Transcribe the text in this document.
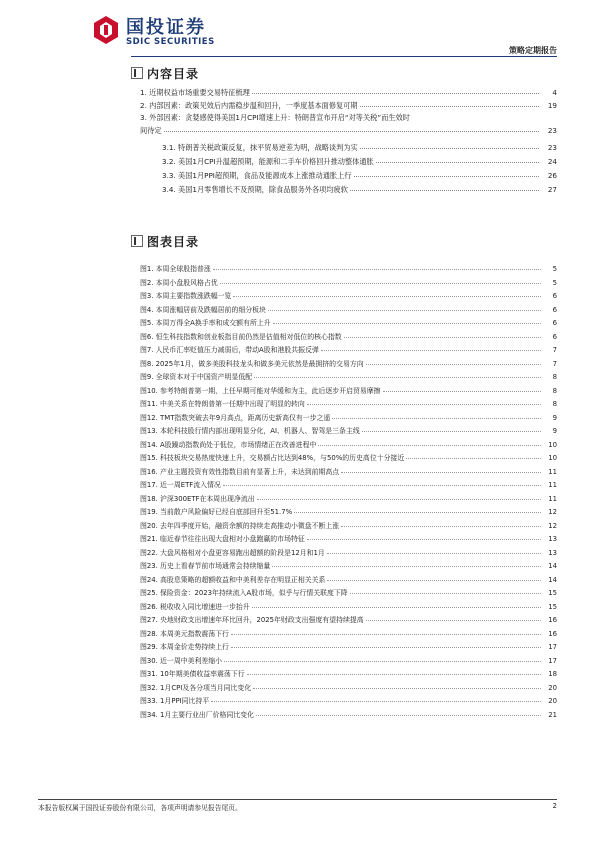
国投证券
SDIC SECURITIES
策略定期报告
内容目录
1. 近期权益市场重要交易特征梳理	4
2. 内部因素：政策见效后内需稳步温和回升，一季度基本面修复可期	19
3. 外部因素：贪婪感使得美国1月CPI增速上升：特朗普宣布开启“对等关税”而生效时
间待定	23
3.1. 特朗普关税政策反复，抹平贸易逆差为明，战略谈判为实	23
3.2. 美国1月CPI升温超预期，能源和二手车价格回升推动整体通胀	24
3.3. 美国1月PPI超预期，食品及能源成本上涨推动通胀上行	26
3.4. 美国1月零售增长不及预期，除食品服务外各项均疲软	27
图表目录
图1. 本周全球股指普涨	5
图2. 本周小盘股风格占优	5
图3. 本周主要指数涨跌幅一览	6
图4. 本周涨幅居前及跌幅居前的细分板块	6
图5. 本周万得全A换手率和成交额有所上升	6
图6. 恒生科技指数和创业板指目前仍然是估值相对低位的核心指数	6
图7. 人民币汇率贬值压力减弱后，带动A股和港股共振反弹	7
图8. 2025年1月，做多美股科技龙头和做多美元依然是最拥挤的交易方向	7
图9. 全球资本对于中国资产明显低配	8
图10. 参考特朗普第一期，上任早期可能对华缓和为主，此后逐步开启贸易摩擦	8
图11. 中美关系在特朗普第一任期中出现了明显的转向	8
图12. TMT指数突破去年9月高点，距离历史新高仅有一步之遥	9
图13. 本轮科技股行情内部出现明显分化，AI、机器人、智驾是三条主线	9
图14. A股躁动指数尚处于低位，市场情绪正在改善进程中	10
图15. 科技板块交易热度快速上升，交易额占比达到48%，与50%的历史高位十分接近	10
图16. 产业主题投资有效性指数目前有显著上升，未达到前期高点	11
图17. 近一周ETF流入情况	11
图18. 沪深300ETF在本周出现净流出	11
图19. 当前散户风险偏好已经自底部回升至51.7%	12
图20. 去年四季度开始，融资余额的持续走高推动小微盘不断上涨	12
图21. 临近春节往往出现大盘相对小盘跑赢的市场特征	13
图22. 大盘风格相对小盘更容易跑出超额的阶段是12月和1月	13
图23. 历史上看春节前市场通常会持续缩量	14
图24. 高股息策略的超额收益和中美利差存在明显正相关关系	14
图25. 保险资金：2023年持续流入A股市场，似乎与行情关联度下降	15
图26. 税收收入同比增速进一步抬升	15
图27. 央地财政支出增速年环比回升，2025年财政支出强度有望持续提高	16
图28. 本周美元指数震荡下行	16
图29. 本周金价走势持续上行	17
图30. 近一周中美利差缩小	17
图31. 10年期美债收益率震荡下行	18
图32. 1月CPI及各分项当月同比变化	20
图33. 1月PPI同比持平	20
图34. 1月主要行业出厂价格同比变化	21
本报告版权属于国投证券股份有限公司，各项声明请参见报告尾页。	2
